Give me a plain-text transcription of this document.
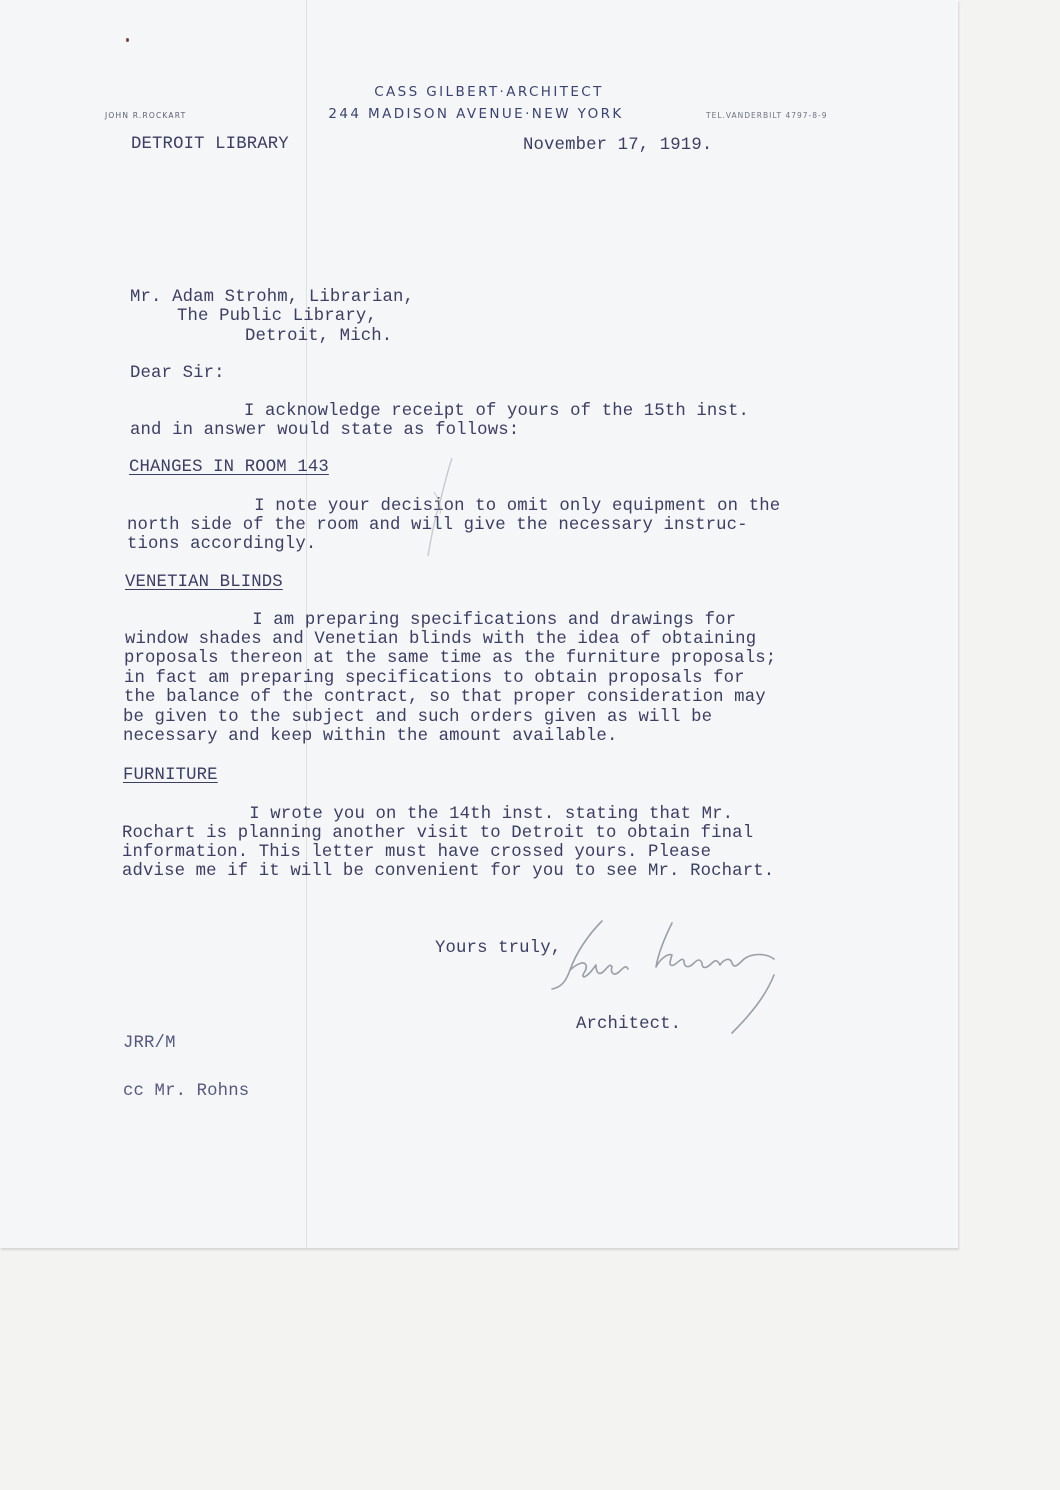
CASS GILBERT·ARCHITECT
244 MADISON AVENUE·NEW YORK
JOHN R.ROCKART	TEL.VANDERBILT 4797-8-9
DETROIT LIBRARY	November 17, 1919.
Mr. Adam Strohm, Librarian,
The Public Library,
Detroit, Mich.
Dear Sir:
I acknowledge receipt of yours of the 15th inst.
and in answer would state as follows:
CHANGES IN ROOM 143
I note your decision to omit only equipment on the
north side of the room and will give the necessary instruc-
tions accordingly.
VENETIAN BLINDS
I am preparing specifications and drawings for
window shades and Venetian blinds with the idea of obtaining
proposals thereon at the same time as the furniture proposals;
in fact am preparing specifications to obtain proposals for
the balance of the contract, so that proper consideration may
be given to the subject and such orders given as will be
necessary and keep within the amount available.
FURNITURE
I wrote you on the 14th inst. stating that Mr.
Rochart is planning another visit to Detroit to obtain final
information. This letter must have crossed yours. Please
advise me if it will be convenient for you to see Mr. Rochart.
Yours truly,
Architect.
JRR/M
cc Mr. Rohns
